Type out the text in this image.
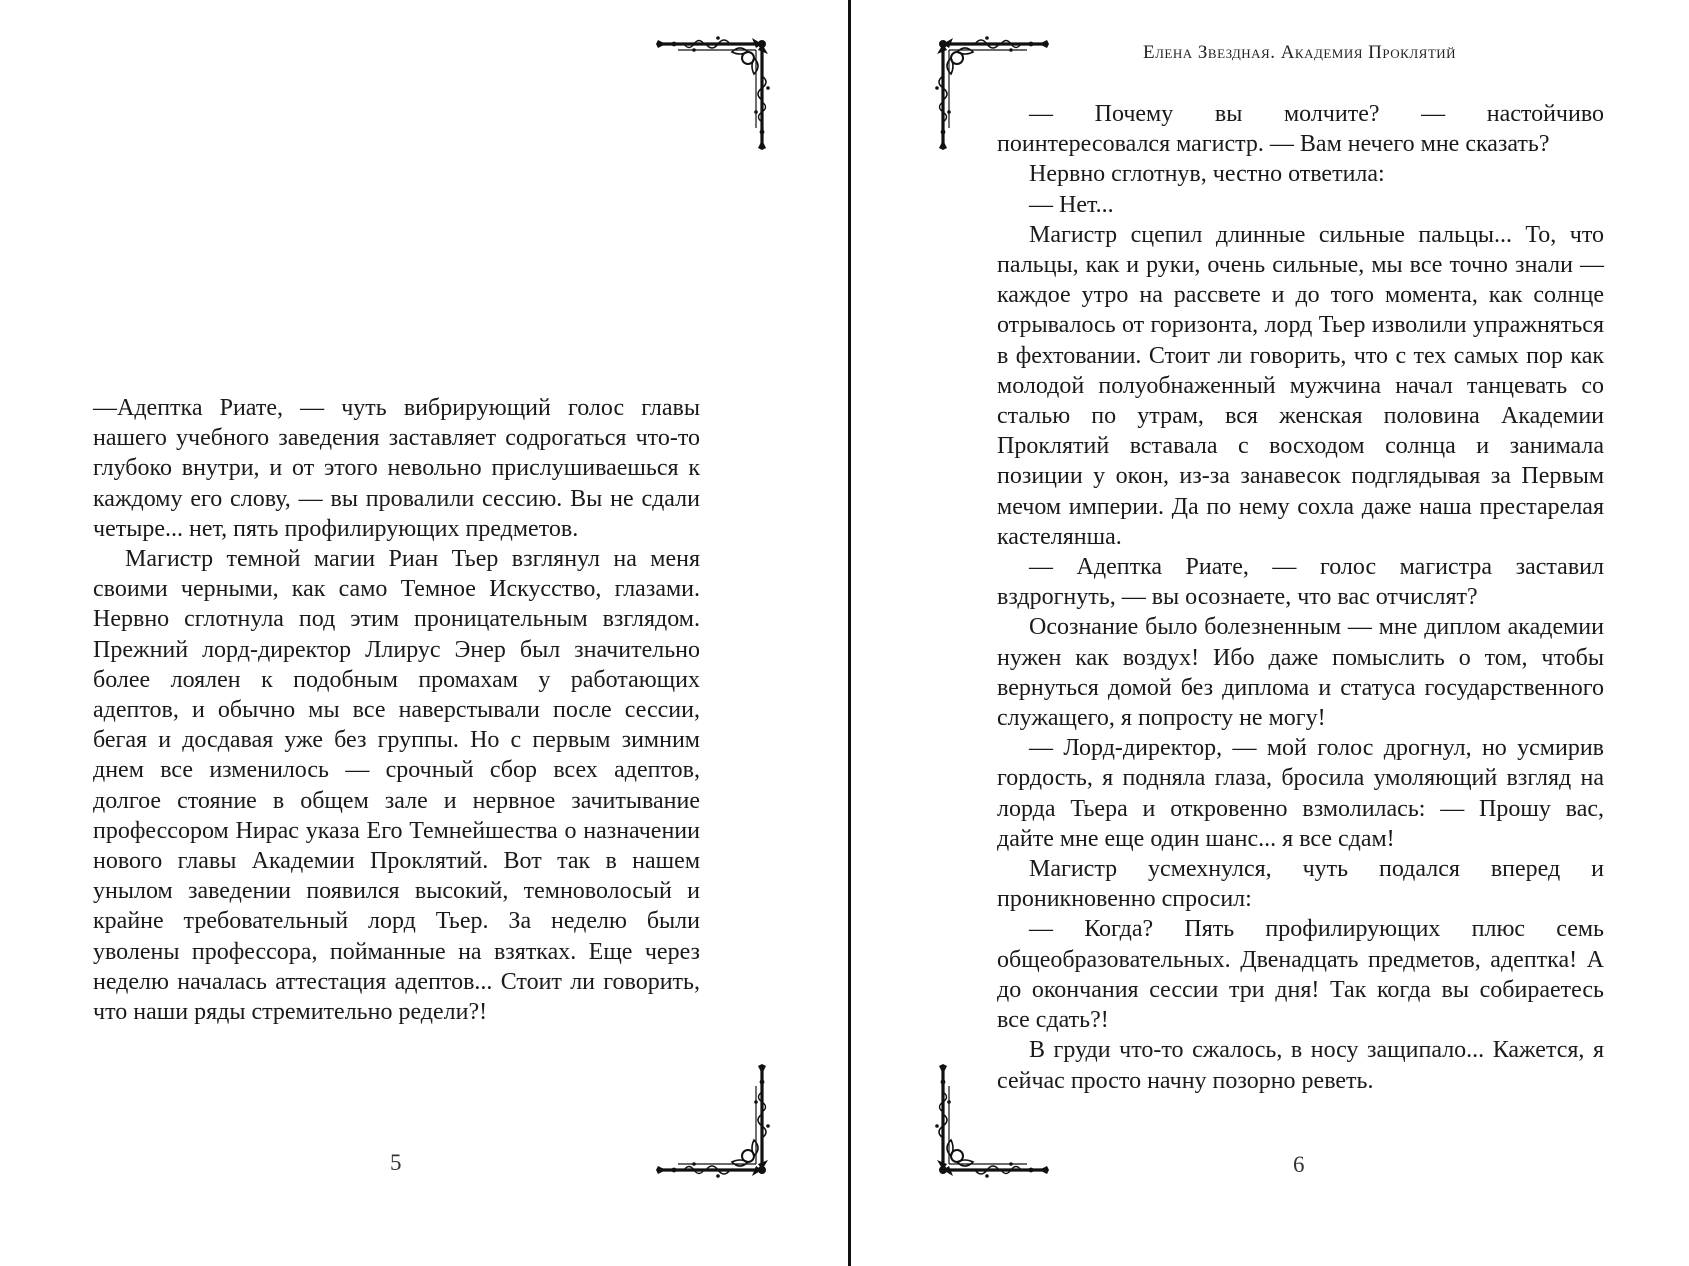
—Адептка Риате, — чуть вибрирующий голос главы нашего учебного заведения заставляет содрогаться что-то глубоко внутри, и от этого невольно прислушиваешься к каждому его слову, — вы провалили сессию. Вы не сдали четыре... нет, пять профилирующих предметов.

Магистр темной магии Риан Тьер взглянул на меня своими черными, как само Темное Искусство, глазами. Нервно сглотнула под этим проницательным взглядом. Прежний лорд-директор Ллирус Энер был значительно более лоялен к подобным промахам у работающих адептов, и обычно мы все наверстывали после сессии, бегая и досдавая уже без группы. Но с первым зимним днем все изменилось — срочный сбор всех адептов, долгое стояние в общем зале и нервное зачитывание профессором Нирас указа Его Темнейшества о назначении нового главы Академии Проклятий. Вот так в нашем унылом заведении появился высокий, темноволосый и крайне требовательный лорд Тьер. За неделю были уволены профессора, пойманные на взятках. Еще через неделю началась аттестация адептов... Стоит ли говорить, что наши ряды стремительно редели?!

5
Елена Звездная. Академия Проклятий

— Почему вы молчите? — настойчиво поинтересовался магистр. — Вам нечего мне сказать?

Нервно сглотнув, честно ответила:

— Нет...

Магистр сцепил длинные сильные пальцы... То, что пальцы, как и руки, очень сильные, мы все точно знали — каждое утро на рассвете и до того момента, как солнце отрывалось от горизонта, лорд Тьер изволили упражняться в фехтовании. Стоит ли говорить, что с тех самых пор как молодой полуобнаженный мужчина начал танцевать со сталью по утрам, вся женская половина Академии Проклятий вставала с восходом солнца и занимала позиции у окон, из-за занавесок подглядывая за Первым мечом империи. Да по нему сохла даже наша престарелая кастелянша.

— Адептка Риате, — голос магистра заставил вздрогнуть, — вы осознаете, что вас отчислят?

Осознание было болезненным — мне диплом академии нужен как воздух! Ибо даже помыслить о том, чтобы вернуться домой без диплома и статуса государственного служащего, я попросту не могу!

— Лорд-директор, — мой голос дрогнул, но усмирив гордость, я подняла глаза, бросила умоляющий взгляд на лорда Тьера и откровенно взмолилась: — Прошу вас, дайте мне еще один шанс... я все сдам!

Магистр усмехнулся, чуть подался вперед и проникновенно спросил:

— Когда? Пять профилирующих плюс семь общеобразовательных. Двенадцать предметов, адептка! А до окончания сессии три дня! Так когда вы собираетесь все сдать?!

В груди что-то сжалось, в носу защипало... Кажется, я сейчас просто начну позорно реветь.

6
